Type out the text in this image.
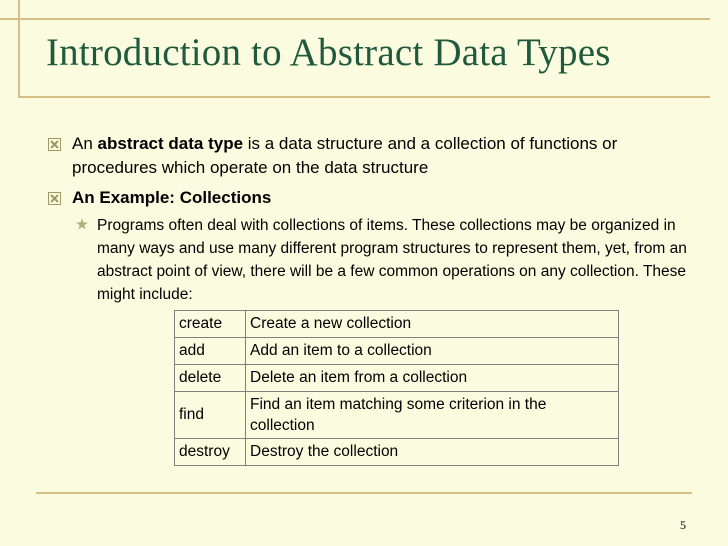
Introduction to Abstract Data Types
An abstract data type is a data structure and a collection of functions or procedures which operate on the data structure
An Example: Collections
Programs often deal with collections of items. These collections may be organized in many ways and use many different program structures to represent them, yet, from an abstract point of view, there will be a few common operations on any collection. These might include:
create	Create a new collection
add	Add an item to a collection
delete	Delete an item from a collection
find	Find an item matching some criterion in the collection
destroy	Destroy the collection
5
